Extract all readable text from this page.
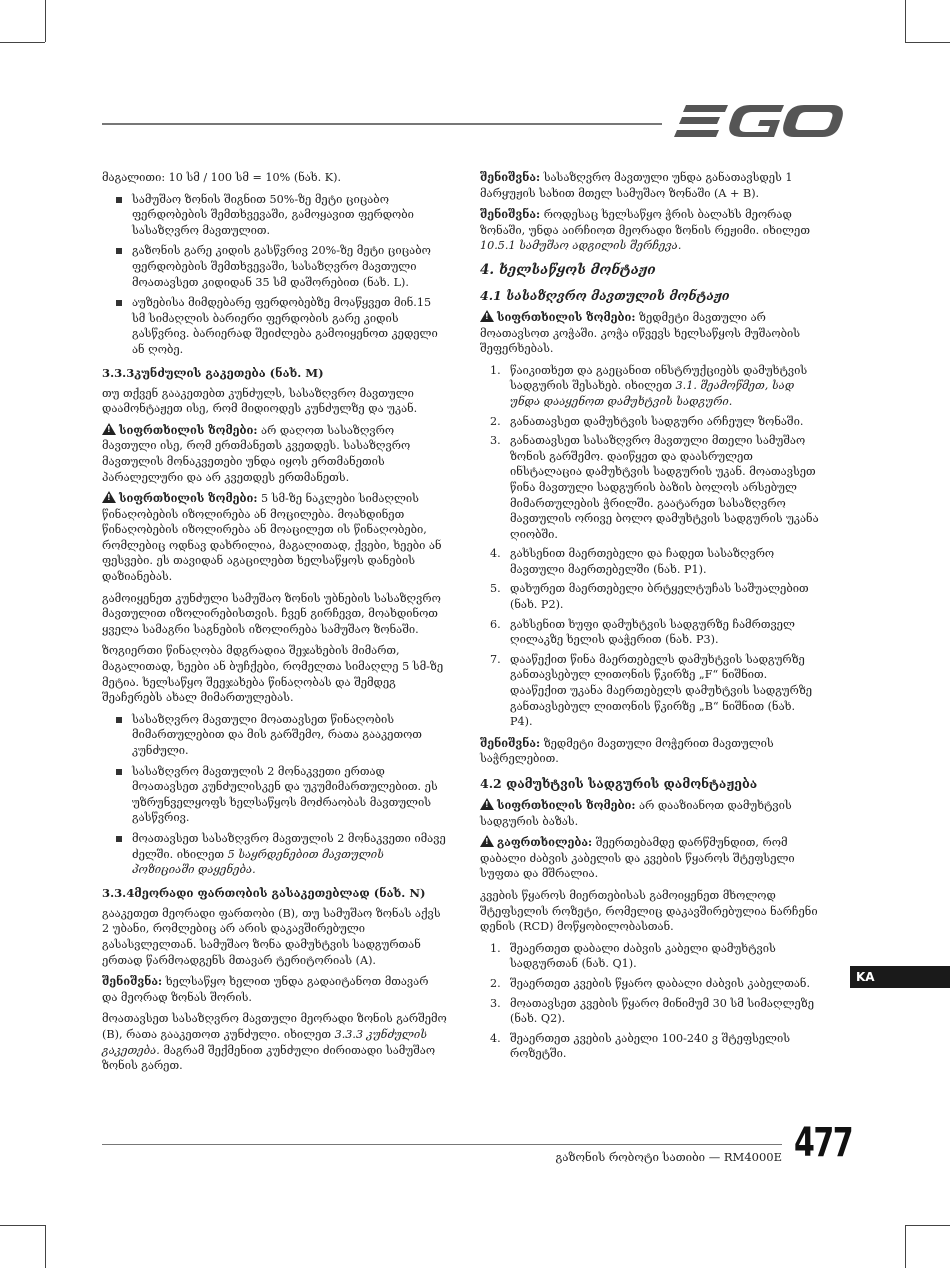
მაგალითი: 10 სმ / 100 სმ = 10% (ნახ. K).

სამუშაო ზონის შიგნით 50%-ზე მეტი ციცაბო ფერდობების შემთხვევაში, გამოყავით ფერდობი სასაზღვრო მავთულით.
გაზონის გარე კიდის გასწვრივ 20%-ზე მეტი ციცაბო ფერდობების შემთხვევაში, სასაზღვრო მავთული მოათავსეთ კიდიდან 35 სმ დაშორებით (ნახ. L).
აუზებისა მიმდებარე ფერდობებზე მოაწყვეთ მინ.15 სმ სიმაღლის ბარიერი ფერდობის გარე კიდის გასწვრივ. ბარიერად შეიძლება გამოიყენოთ კედელი ან ღობე.
3.3.3კუნძულის გაკეთება (ნახ. M)

თუ თქვენ გააკეთებთ კუნძულს, სასაზღვრო მავთული დაამონტაჟეთ ისე, რომ მიდიოდეს კუნძულზე და უკან.

!სიფრთხილის ზომები: არ დაღოთ სასაზღვრო მავთული ისე, რომ ერთმანეთს კვეთდეს. სასაზღვრო მავთულის მონაკვეთები უნდა იყოს ერთმანეთის პარალელური და არ კვეთდეს ერთმანეთს.

!სიფრთხილის ზომები: 5 სმ-ზე ნაკლები სიმაღლის წინაღობების იზოლირება ან მოცილება. მოახდინეთ წინაღობების იზოლირება ან მოაცილეთ ის წინაღობები, რომლებიც ოდნავ დახრილია, მაგალითად, ქვები, ხეები ან ფესვები. ეს თავიდან აგაცილებთ ხელსაწყოს დანების დაზიანებას.

გამოიყენეთ კუნძული სამუშაო ზონის უბნების სასაზღვრო მავთულით იზოლირებისთვის. ჩვენ გირჩევთ, მოახდინოთ ყველა სამაგრი საგნების იზოლირება სამუშაო ზონაში.

ზოგიერთი წინაღობა მდგრადია შეჯახების მიმართ, მაგალითად, ხეები ან ბუჩქები, რომელთა სიმაღლე 5 სმ-ზე მეტია. ხელსაწყო შეეჯახება წინაღობას და შემდეგ შეაჩერებს ახალ მიმართულებას.

სასაზღვრო მავთული მოათავსეთ წინაღობის მიმართულებით და მის გარშემო, რათა გააკეთოთ კუნძული.
სასაზღვრო მავთულის 2 მონაკვეთი ერთად მოათავსეთ კუნძულისკენ და უკუმიმართულებით. ეს უზრუნველყოფს ხელსაწყოს მოძრაობას მავთულის გასწვრივ.
მოათავსეთ სასაზღვრო მავთულის 2 მონაკვეთი იმავე ძელში. იხილეთ 5 საყრდენებით მავთულის პოზიციაში დაყენება.
3.3.4მეორადი ფართობის გასაკეთებლად (ნახ. N)

გააკეთეთ მეორადი ფართობი (B), თუ სამუშაო ზონას აქვს 2 უბანი, რომლებიც არ არის დაკავშირებული გასასვლელთან. სამუშაო ზონა დამუხტვის სადგურთან ერთად წარმოადგენს მთავარ ტერიტორიას (A).

შენიშვნა: ხელსაწყო ხელით უნდა გადაიტანოთ მთავარ და მეორად ზონას შორის.

მოათავსეთ სასაზღვრო მავთული მეორადი ზონის გარშემო (B), რათა გააკეთოთ კუნძული. იხილეთ 3.3.3 კუნძულის გაკეთება. მაგრამ შექმენით კუნძული ძირითადი სამუშაო ზონის გარეთ.

შენიშვნა: სასაზღვრო მავთული უნდა განათავსდეს 1 მარყუჟის სახით მთელ სამუშაო ზონაში (A + B).

შენიშვნა: როდესაც ხელსაწყო ჭრის ბალახს მეორად ზონაში, უნდა აირჩიოთ მეორადი ზონის რეჟიმი. იხილეთ 10.5.1 სამუშაო ადგილის შერჩევა.

4. ხელსაწყოს მონტაჟი
4.1 სასაზღვრო მავთულის მონტაჟი

!სიფრთხილის ზომები: ზედმეტი მავთული არ მოათავსოთ კოჭაში. კოჭა იწვევს ხელსაწყოს მუშაობის შეფერხებას.

1. წაიკითხეთ და გაეცანით ინსტრუქციებს დამუხტვის სადგურის შესახებ. იხილეთ 3.1. შეამოწმეთ, სად უნდა დააყენოთ დამუხტვის სადგური.
2. განათავსეთ დამუხტვის სადგური არჩეულ ზონაში.
3. განათავსეთ სასაზღვრო მავთული მთელი სამუშაო ზონის გარშემო. დაიწყეთ და დაასრულეთ ინსტალაცია დამუხტვის სადგურის უკან. მოათავსეთ წინა მავთული სადგურის ბაზის ბოლოს არსებულ მიმართულების ჭრილში. გაატარეთ სასაზღვრო მავთულის ორივე ბოლო დამუხტვის სადგურის უკანა ღიობში.
4. გახსენით მაერთებელი და ჩადეთ სასაზღვრო მავთული მაერთებელში (ნახ. P1).
5. დახურეთ მაერთებელი ბრტყელტუჩას საშუალებით (ნახ. P2).
6. გახსენით ხუფი დამუხტვის სადგურზე ჩამრთველ ღილაკზე ხელის დაჭერით (ნახ. P3).
7. დააწექით წინა მაერთებელს დამუხტვის სადგურზე განთავსებულ ლითონის წკირზე „F“ ნიშნით. დააწექით უკანა მაერთებელს დამუხტვის სადგურზე განთავსებულ ლითონის წკირზე „B“ ნიშნით (ნახ. P4).

შენიშვნა: ზედმეტი მავთული მოჭერით მავთულის საჭრელებით.

4.2 დამუხტვის სადგურის დამონტაჟება

!სიფრთხილის ზომები: არ დააზიანოთ დამუხტვის სადგურის ბაზას.

!გაფრთხილება: შეერთებამდე დარწმუნდით, რომ დაბალი ძაბვის კაბელის და კვების წყაროს შტეფსელი სუფთა და მშრალია.

კვების წყაროს მიერთებისას გამოიყენეთ მხოლოდ შტეფსელის როზეტი, რომელიც დაკავშირებულია ნარჩენი დენის (RCD) მოწყობილობასთან.

1. შეაერთეთ დაბალი ძაბვის კაბელი დამუხტვის სადგურთან (ნახ. Q1).
2. შეაერთეთ კვების წყარო დაბალი ძაბვის კაბელთან.
3. მოათავსეთ კვების წყარო მინიმუმ 30 სმ სიმაღლეზე (ნახ. Q2).
4. შეაერთეთ კვების კაბელი 100-240 ვ შტეფსელის როზეტში.
KA
გაზონის რობოტი სათიბი — RM4000E 477
